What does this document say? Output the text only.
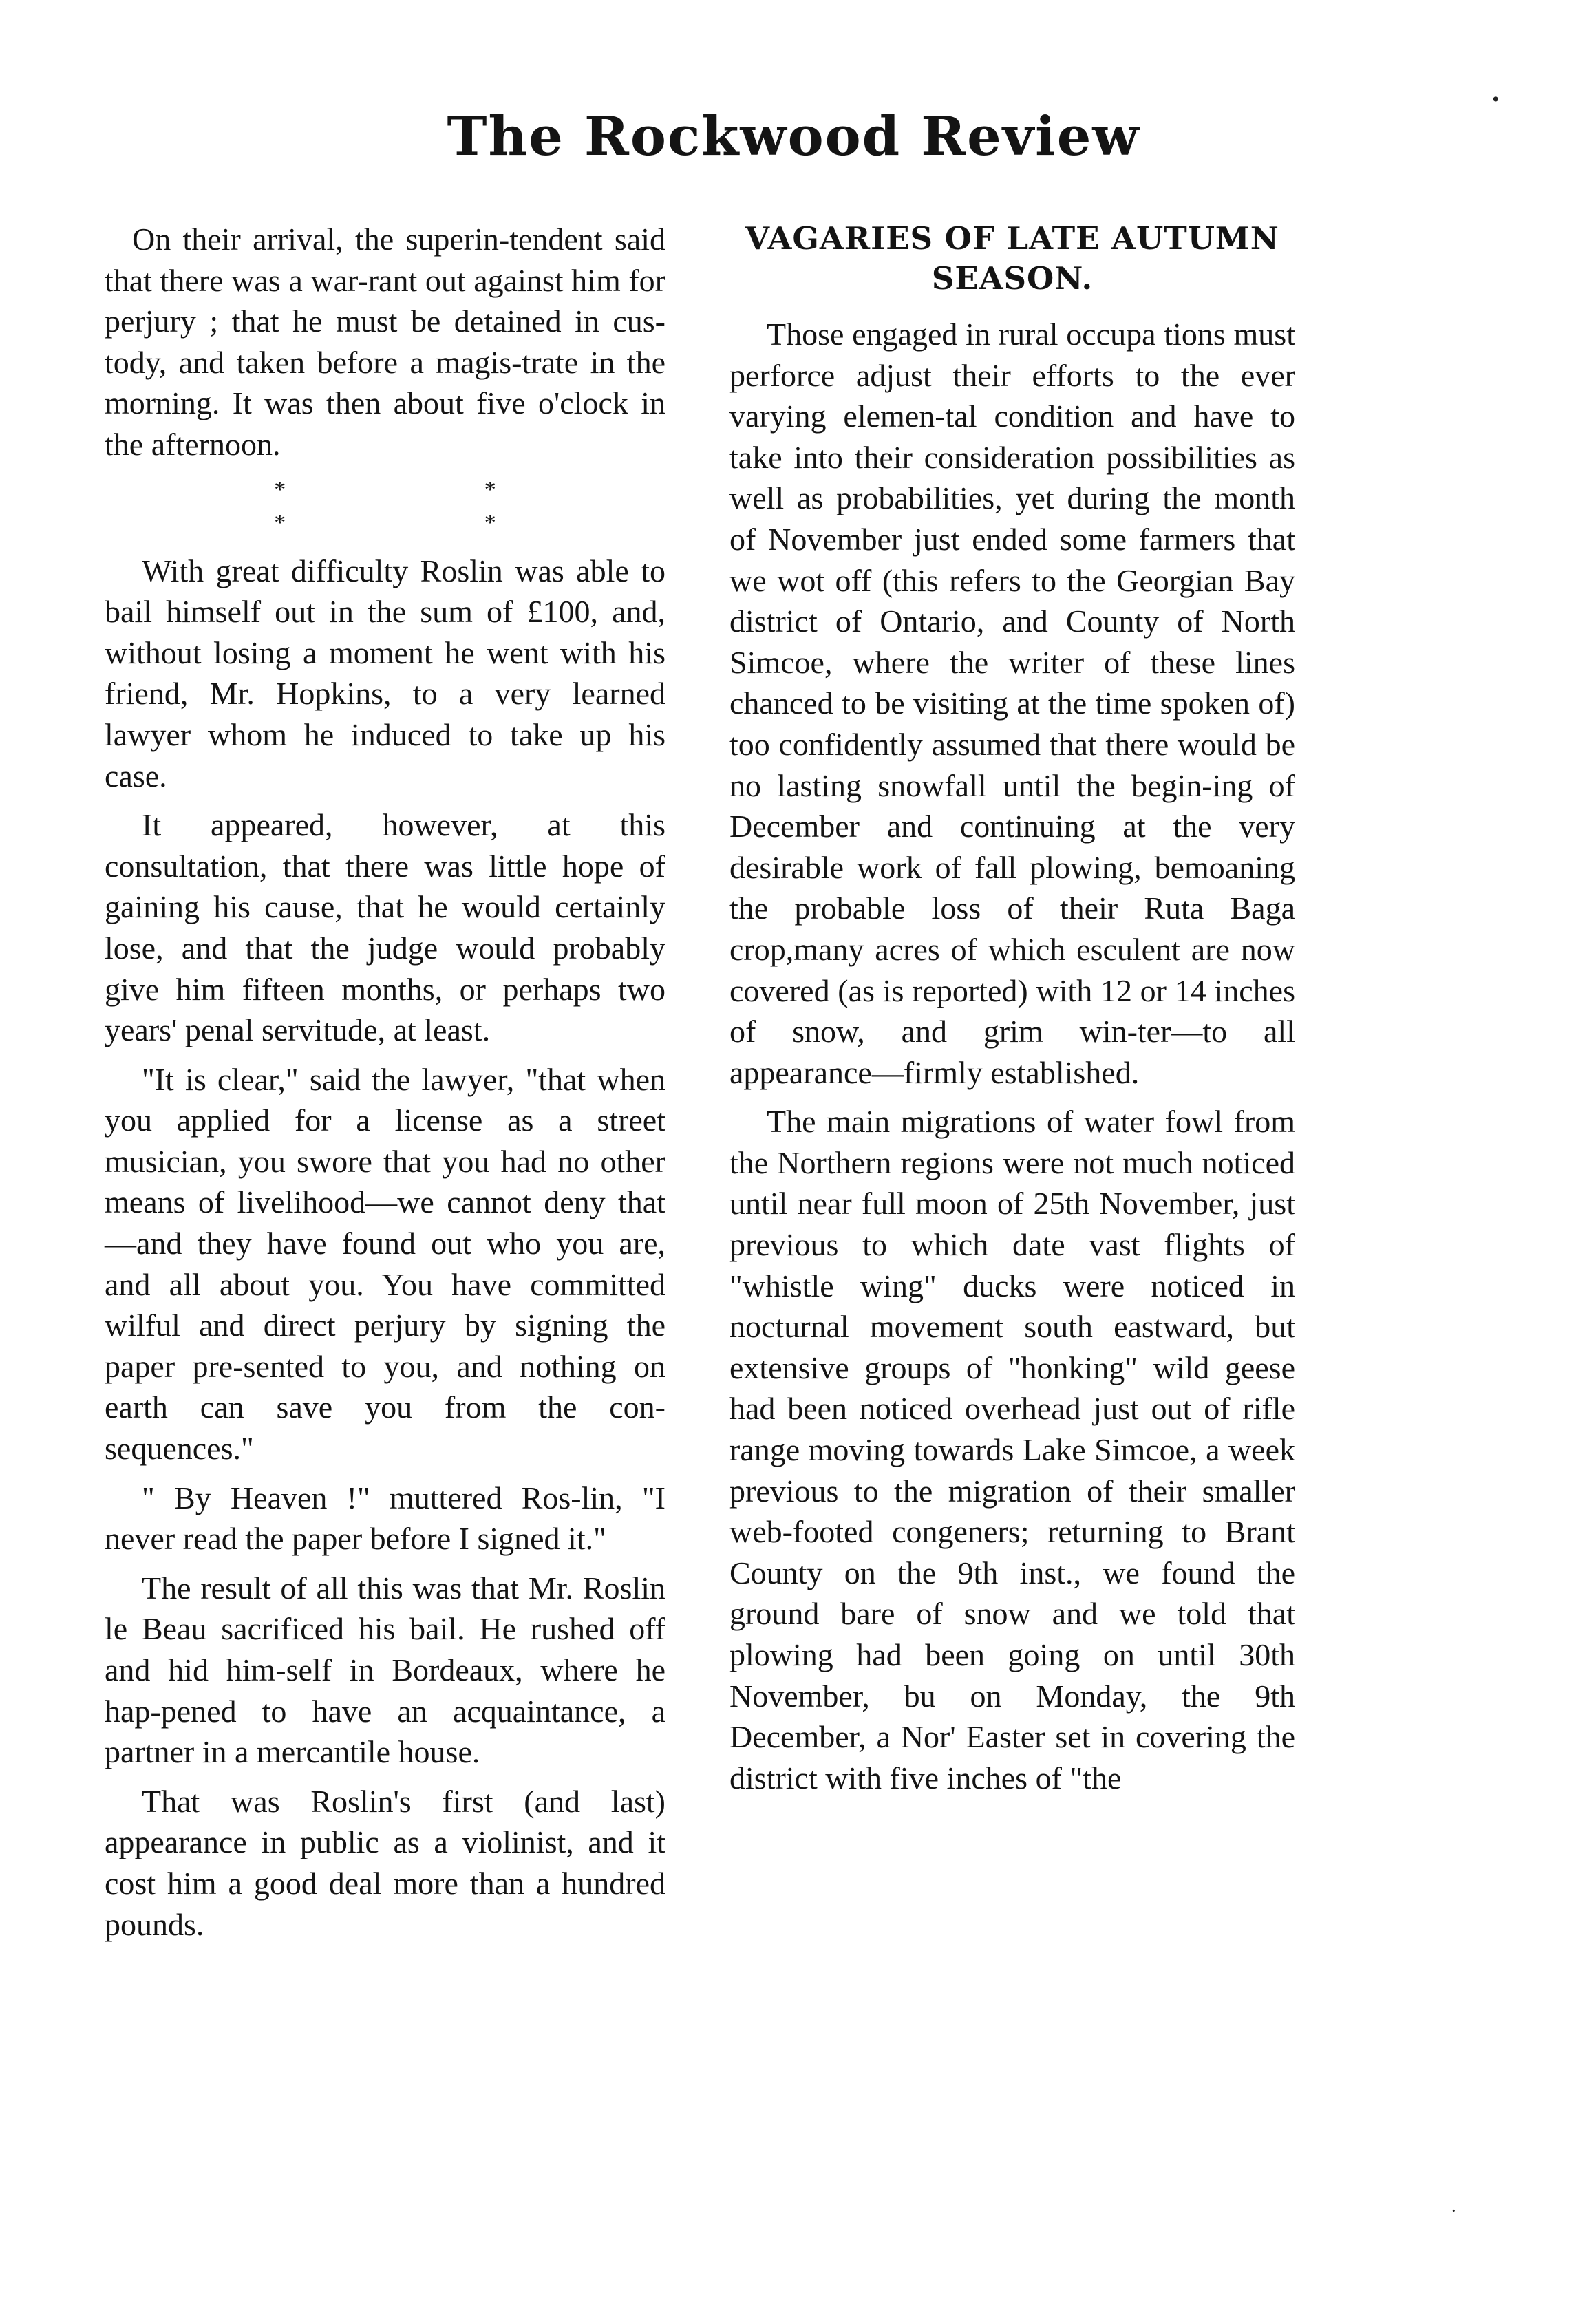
The Rockwood Review
•
·

On their arrival, the superin-tendent said that there was a war-rant out against him for perjury ; that he must be detained in cus-tody, and taken before a magis-trate in the morning. It was then about five o'clock in the afternoon.

* * * *

With great difficulty Roslin was able to bail himself out in the sum of £100, and, without losing a moment he went with his friend, Mr. Hopkins, to a very learned lawyer whom he induced to take up his case.

It appeared, however, at this consultation, that there was little hope of gaining his cause, that he would certainly lose, and that the judge would probably give him fifteen months, or perhaps two years' penal servitude, at least.

"It is clear," said the lawyer, "that when you applied for a license as a street musician, you swore that you had no other means of livelihood—we cannot deny that—and they have found out who you are, and all about you. You have committed wilful and direct perjury by signing the paper pre-sented to you, and nothing on earth can save you from the con-sequences."

" By Heaven !" muttered Ros-lin, "I never read the paper before I signed it."

The result of all this was that Mr. Roslin le Beau sacrificed his bail. He rushed off and hid him-self in Bordeaux, where he hap-pened to have an acquaintance, a partner in a mercantile house.

That was Roslin's first (and last) appearance in public as a violinist, and it cost him a good deal more than a hundred pounds.

VAGARIES OF LATE AUTUMN SEASON.

Those engaged in rural occupa tions must perforce adjust their efforts to the ever varying elemen-tal condition and have to take into their consideration possibilities as well as probabilities, yet during the month of November just ended some farmers that we wot off (this refers to the Georgian Bay district of Ontario, and County of North Simcoe, where the writer of these lines chanced to be visiting at the time spoken of) too confidently assumed that there would be no lasting snowfall until the begin-ing of December and continuing at the very desirable work of fall plowing, bemoaning the probable loss of their Ruta Baga crop,many acres of which esculent are now covered (as is reported) with 12 or 14 inches of snow, and grim win-ter—to all appearance—firmly established.

The main migrations of water fowl from the Northern regions were not much noticed until near full moon of 25th November, just previous to which date vast flights of "whistle wing" ducks were noticed in nocturnal movement south eastward, but extensive groups of "honking" wild geese had been noticed overhead just out of rifle range moving towards Lake Simcoe, a week previous to the migration of their smaller web-footed congeners; returning to Brant County on the 9th inst., we found the ground bare of snow and we told that plowing had been going on until 30th November, bu on Monday, the 9th December, a Nor' Easter set in covering the district with five inches of "the
